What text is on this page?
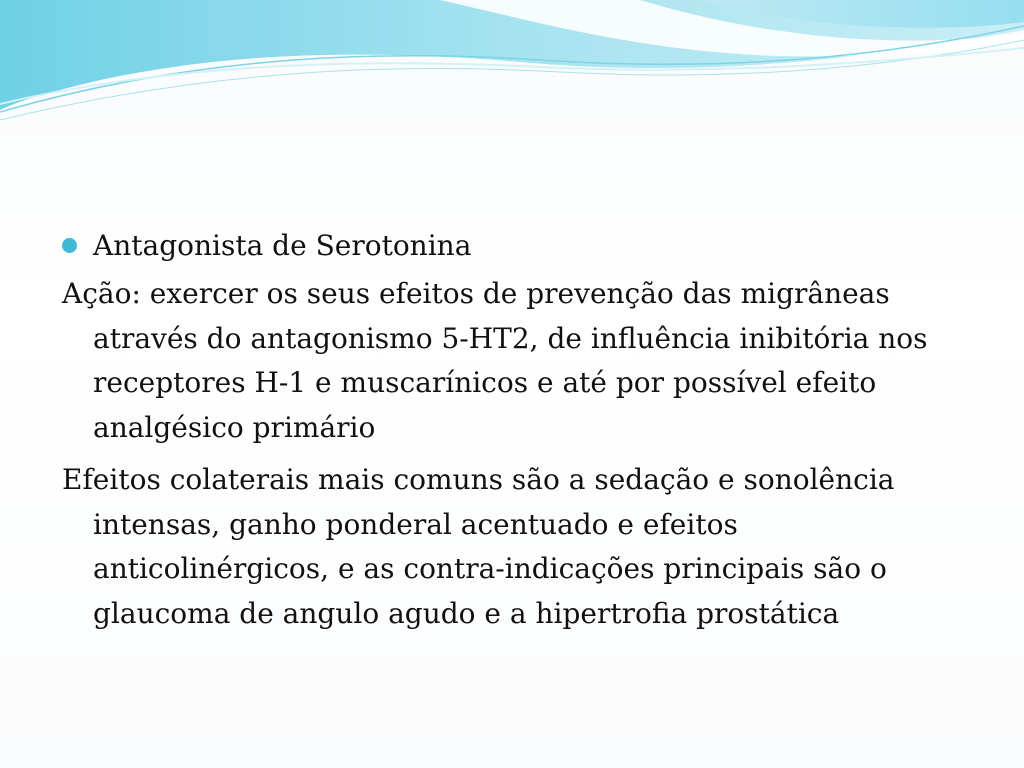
Antagonista de Serotonina
Ação: exercer os seus efeitos de prevenção das migrâneas através do antagonismo 5-HT2, de influência inibitória nos receptores H-1 e muscarínicos e até por possível efeito analgésico primário
Efeitos colaterais mais comuns são a sedação e sonolência intensas, ganho ponderal acentuado e efeitos anticolinérgicos, e as contra-indicações principais são o glaucoma de angulo agudo e a hipertrofia prostática
